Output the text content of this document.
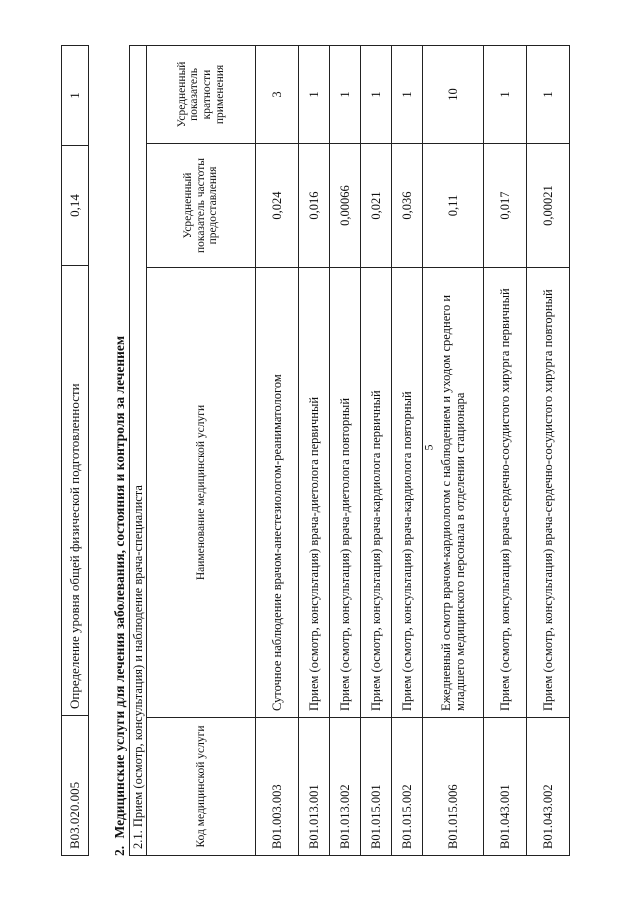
5
B03.020.005	Определение уровня общей физической подготовленности	0,14	1
2. Медицинские услуги для лечения заболевания, состояния и контроля за лечением 2.1. Прием (осмотр, консультация) и наблюдение врача-специалиста			
Код медицинской услуги	Наименование медицинской услуги	Усредненный показатель частоты предоставления	Усредненный показатель кратности применения
B01.003.003	Суточное наблюдение врачом-анестезиологом-реаниматологом	0,024	3
B01.013.001	Прием (осмотр, консультация) врача-диетолога первичный	0,016	1
B01.013.002	Прием (осмотр, консультация) врача-диетолога повторный	0,00066	1
B01.015.001	Прием (осмотр, консультация) врача-кардиолога первичный	0,021	1
B01.015.002	Прием (осмотр, консультация) врача-кардиолога повторный	0,036	1
B01.015.006	Ежедневный осмотр врачом-кардиологом с наблюдением и уходом среднего и младшего медицинского персонала в отделении стационара	0,11	10
B01.043.001	Прием (осмотр, консультация) врача-сердечно-сосудистого хирурга первичный	0,017	1
B01.043.002	Прием (осмотр, консультация) врача-сердечно-сосудистого хирурга повторный	0,00021	1
